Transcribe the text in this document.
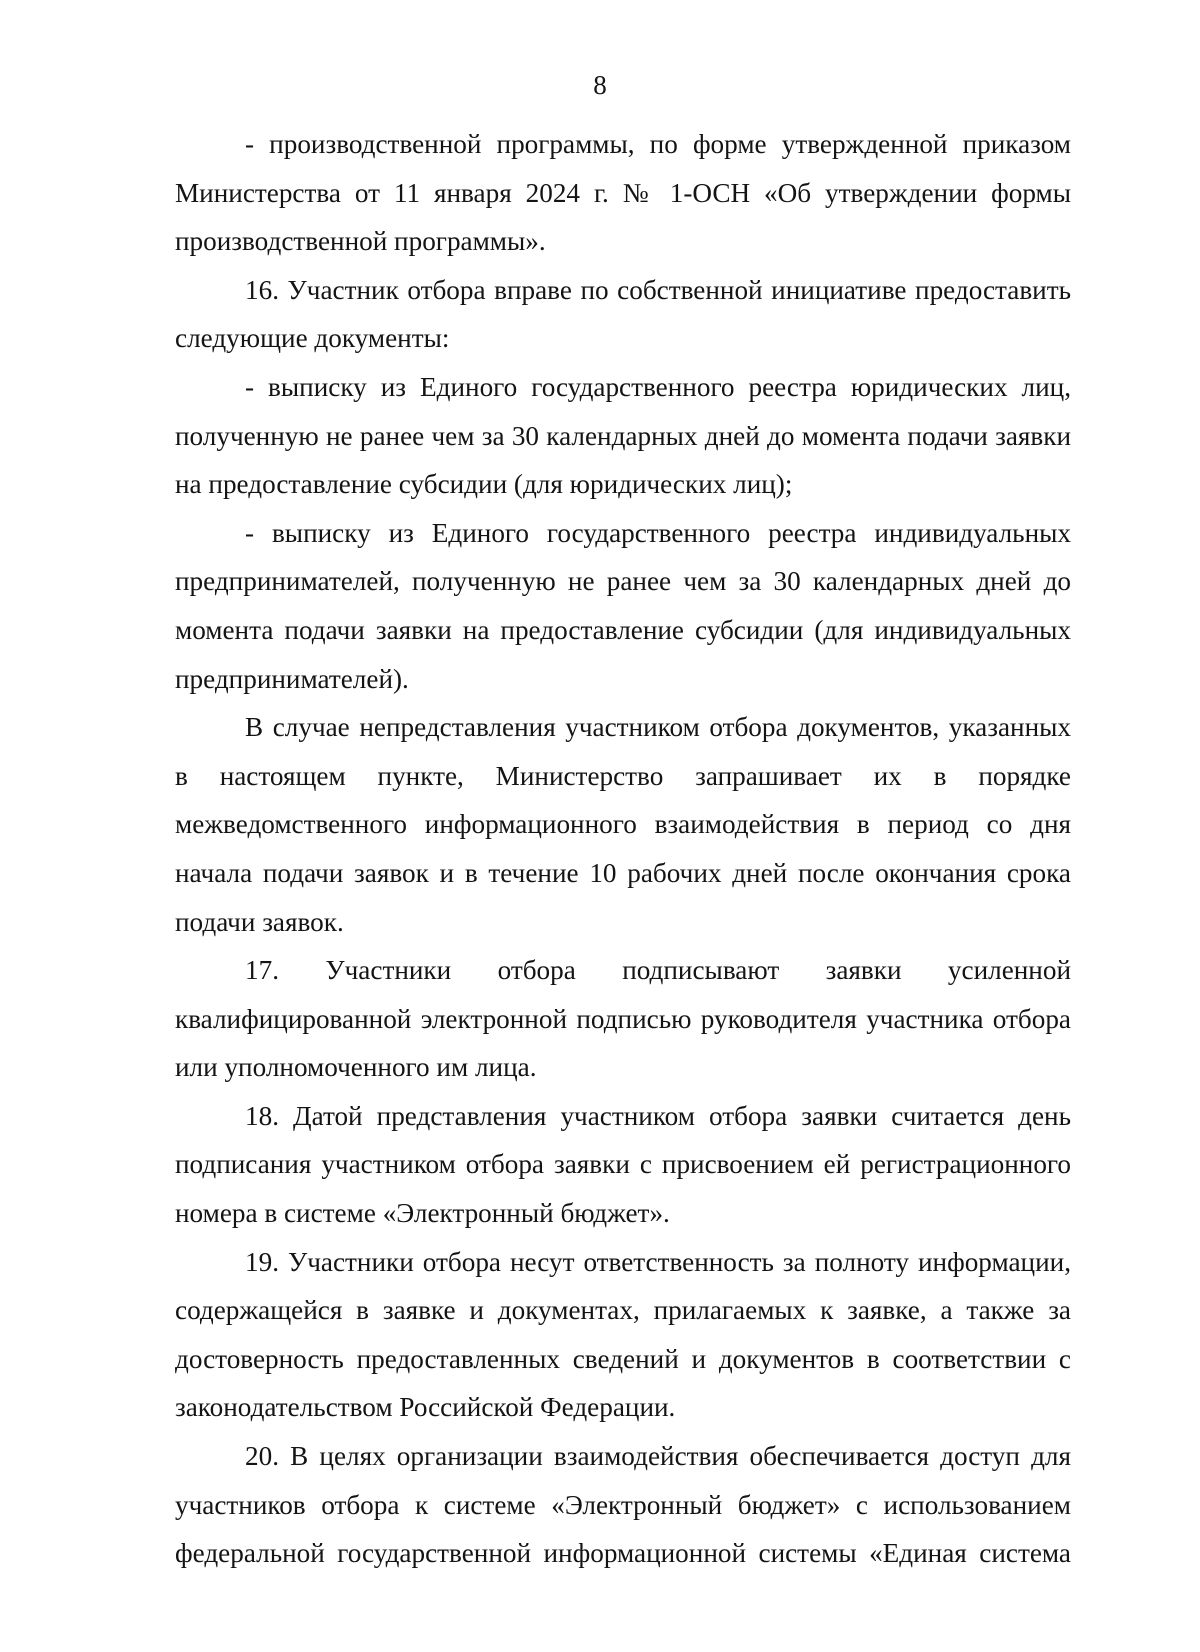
8

- производственной программы, по форме утвержденной приказом Министерства от 11 января 2024 г. № 1-ОСН «Об утверждении формы производственной программы».

16. Участник отбора вправе по собственной инициативе предоставить следующие документы:

- выписку из Единого государственного реестра юридических лиц, полученную не ранее чем за 30 календарных дней до момента подачи заявки на предоставление субсидии (для юридических лиц);

- выписку из Единого государственного реестра индивидуальных предпринимателей, полученную не ранее чем за 30 календарных дней до момента подачи заявки на предоставление субсидии (для индивидуальных предпринимателей).

В случае непредставления участником отбора документов, указанных в настоящем пункте, Министерство запрашивает их в порядке межведомственного информационного взаимодействия в период со дня начала подачи заявок и в течение 10 рабочих дней после окончания срока подачи заявок.

17. Участники отбора подписывают заявки усиленной квалифицированной электронной подписью руководителя участника отбора или уполномоченного им лица.

18. Датой представления участником отбора заявки считается день подписания участником отбора заявки с присвоением ей регистрационного номера в системе «Электронный бюджет».

19. Участники отбора несут ответственность за полноту информации, содержащейся в заявке и документах, прилагаемых к заявке, а также за достоверность предоставленных сведений и документов в соответствии с законодательством Российской Федерации.

20. В целях организации взаимодействия обеспечивается доступ для участников отбора к системе «Электронный бюджет» с использованием федеральной государственной информационной системы «Единая система
